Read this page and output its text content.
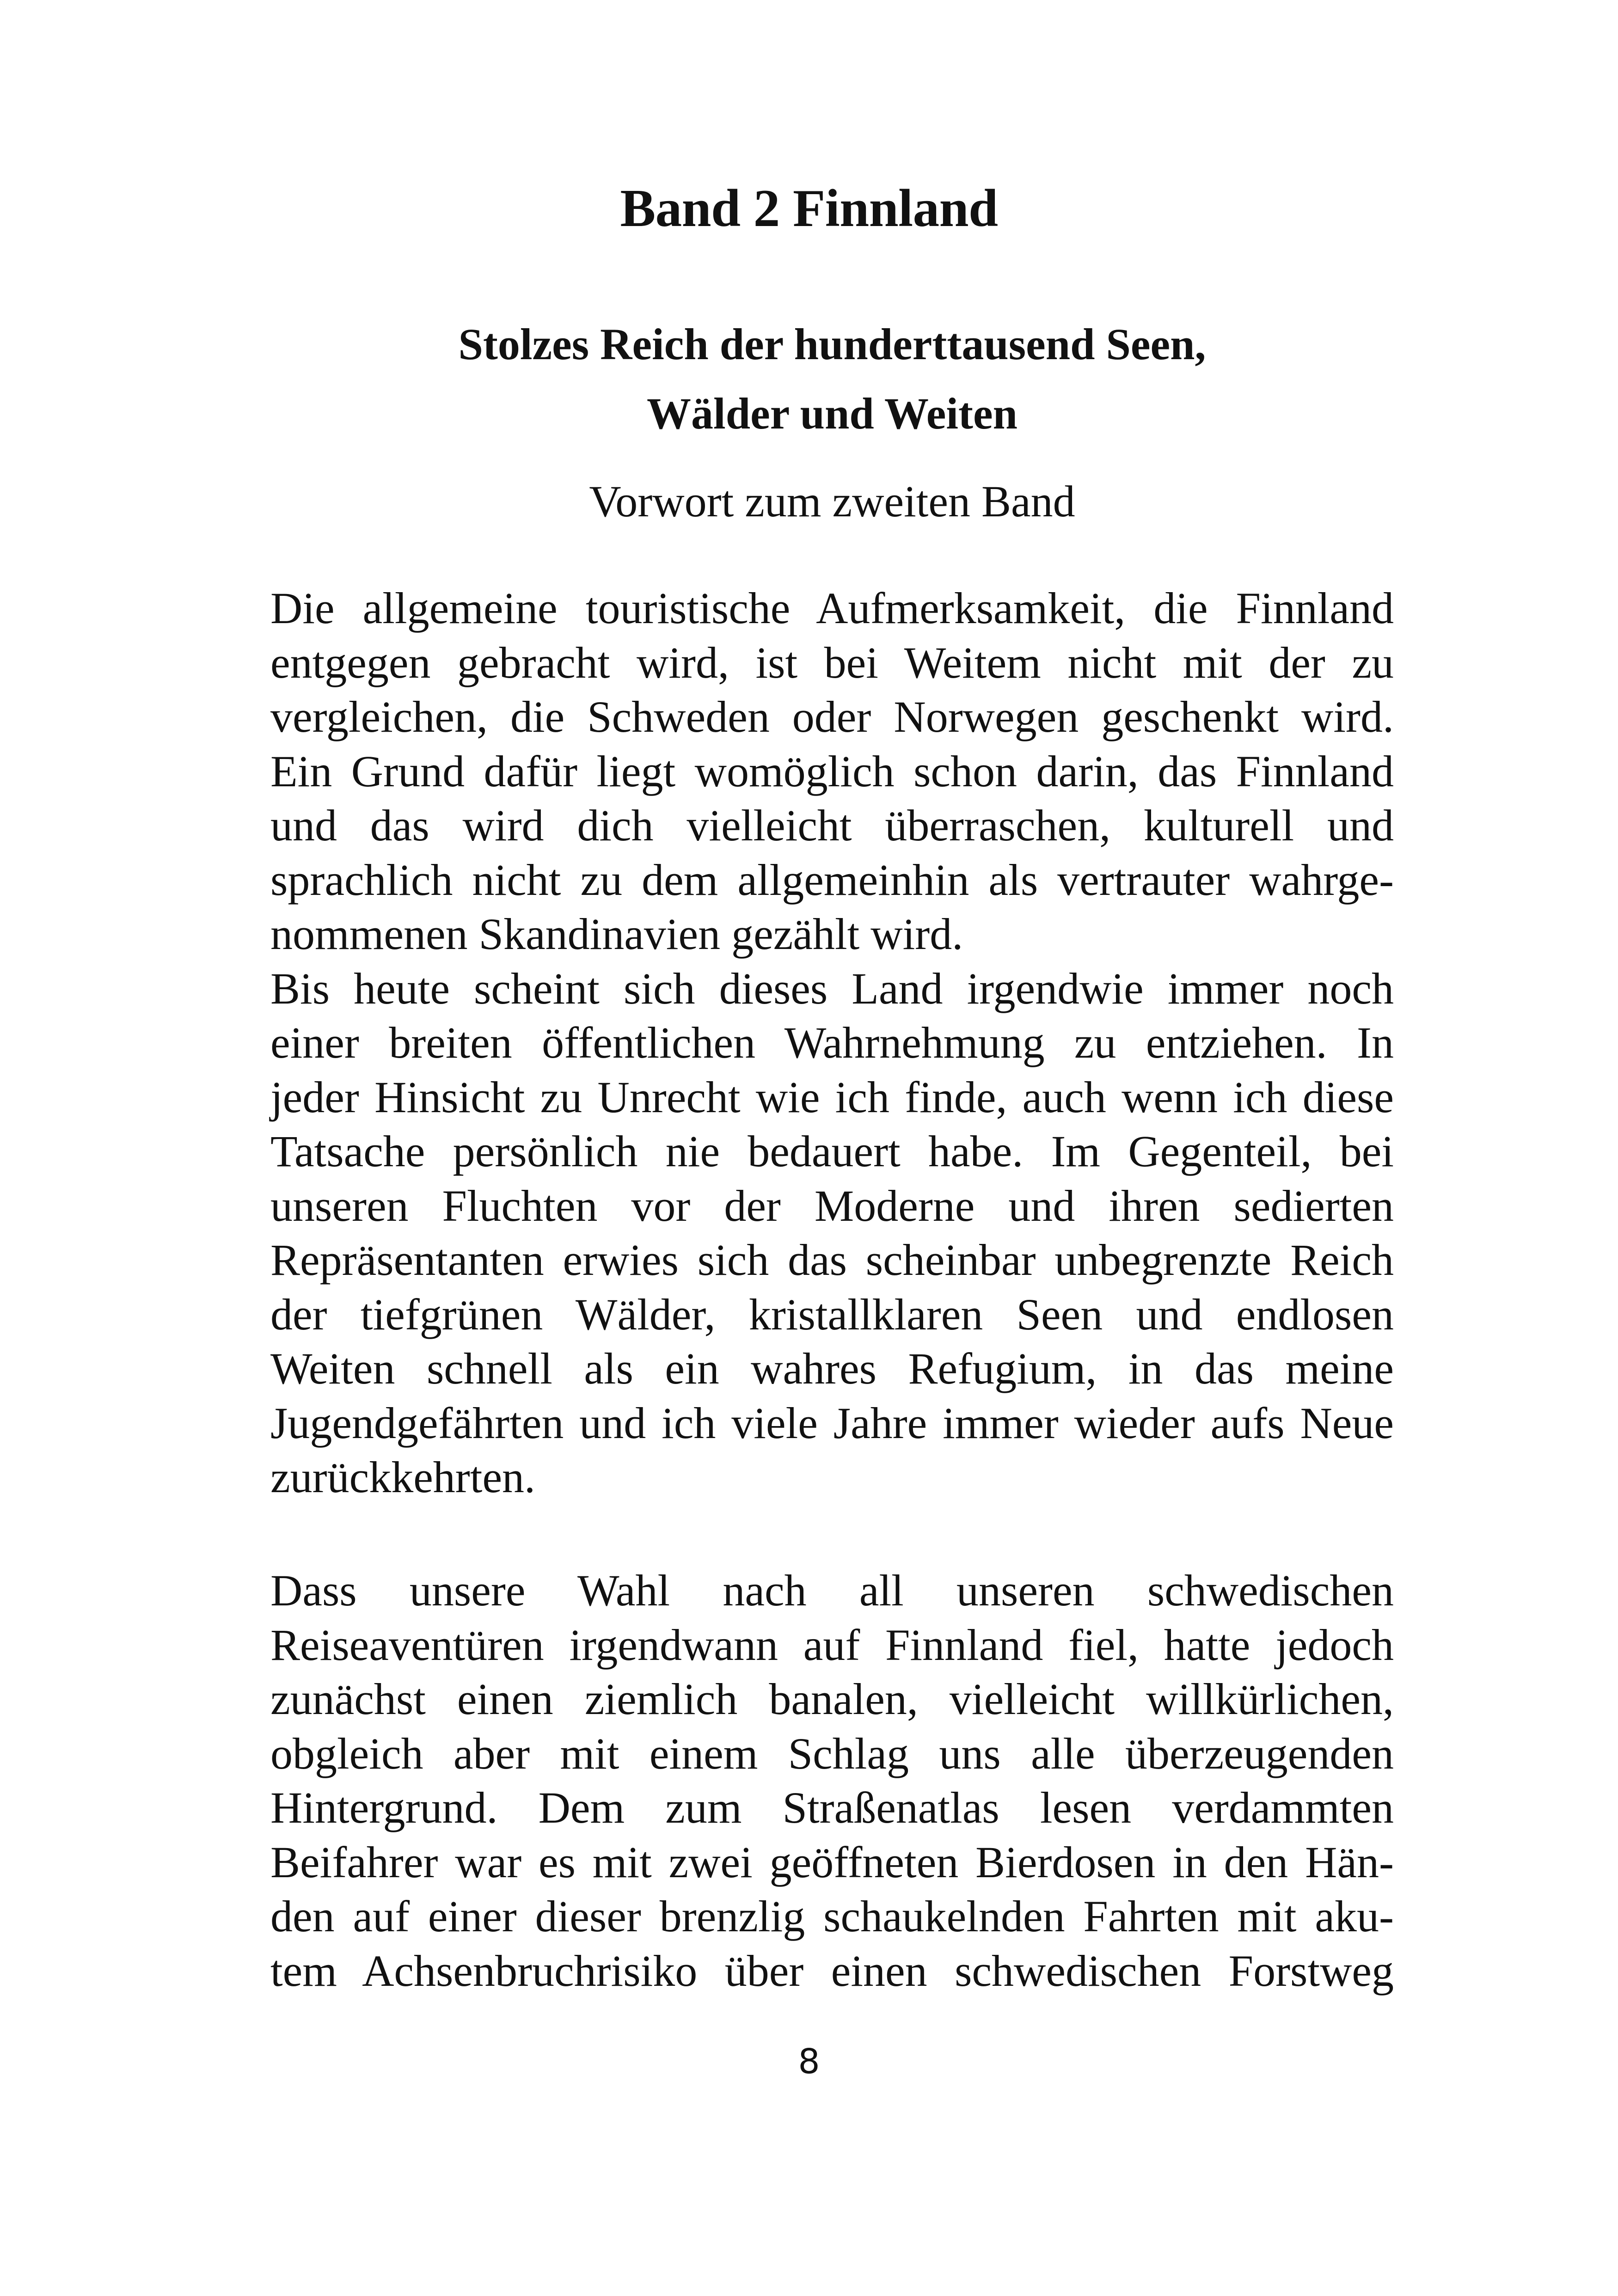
Band 2 Finnland
Stolzes Reich der hunderttausend Seen,
Wälder und Weiten
Vorwort zum zweiten Band
Die allgemeine touristische Aufmerksamkeit, die Finnland
entgegen gebracht wird, ist bei Weitem nicht mit der zu
vergleichen, die Schweden oder Norwegen geschenkt wird.
Ein Grund dafür liegt womöglich schon darin, das Finnland
und das wird dich vielleicht überraschen, kulturell und
sprachlich nicht zu dem allgemeinhin als vertrauter wahrge-
nommenen Skandinavien gezählt wird.
Bis heute scheint sich dieses Land irgendwie immer noch
einer breiten öffentlichen Wahrnehmung zu entziehen. In
jeder Hinsicht zu Unrecht wie ich finde, auch wenn ich diese
Tatsache persönlich nie bedauert habe. Im Gegenteil, bei
unseren Fluchten vor der Moderne und ihren sedierten
Repräsentanten erwies sich das scheinbar unbegrenzte Reich
der tiefgrünen Wälder, kristallklaren Seen und endlosen
Weiten schnell als ein wahres Refugium, in das meine
Jugendgefährten und ich viele Jahre immer wieder aufs Neue
zurückkehrten.
Dass unsere Wahl nach all unseren schwedischen
Reiseaventüren irgendwann auf Finnland fiel, hatte jedoch
zunächst einen ziemlich banalen, vielleicht willkürlichen,
obgleich aber mit einem Schlag uns alle überzeugenden
Hintergrund. Dem zum Straßenatlas lesen verdammten
Beifahrer war es mit zwei geöffneten Bierdosen in den Hän-
den auf einer dieser brenzlig schaukelnden Fahrten mit aku-
tem Achsenbruchrisiko über einen schwedischen Forstweg
8
